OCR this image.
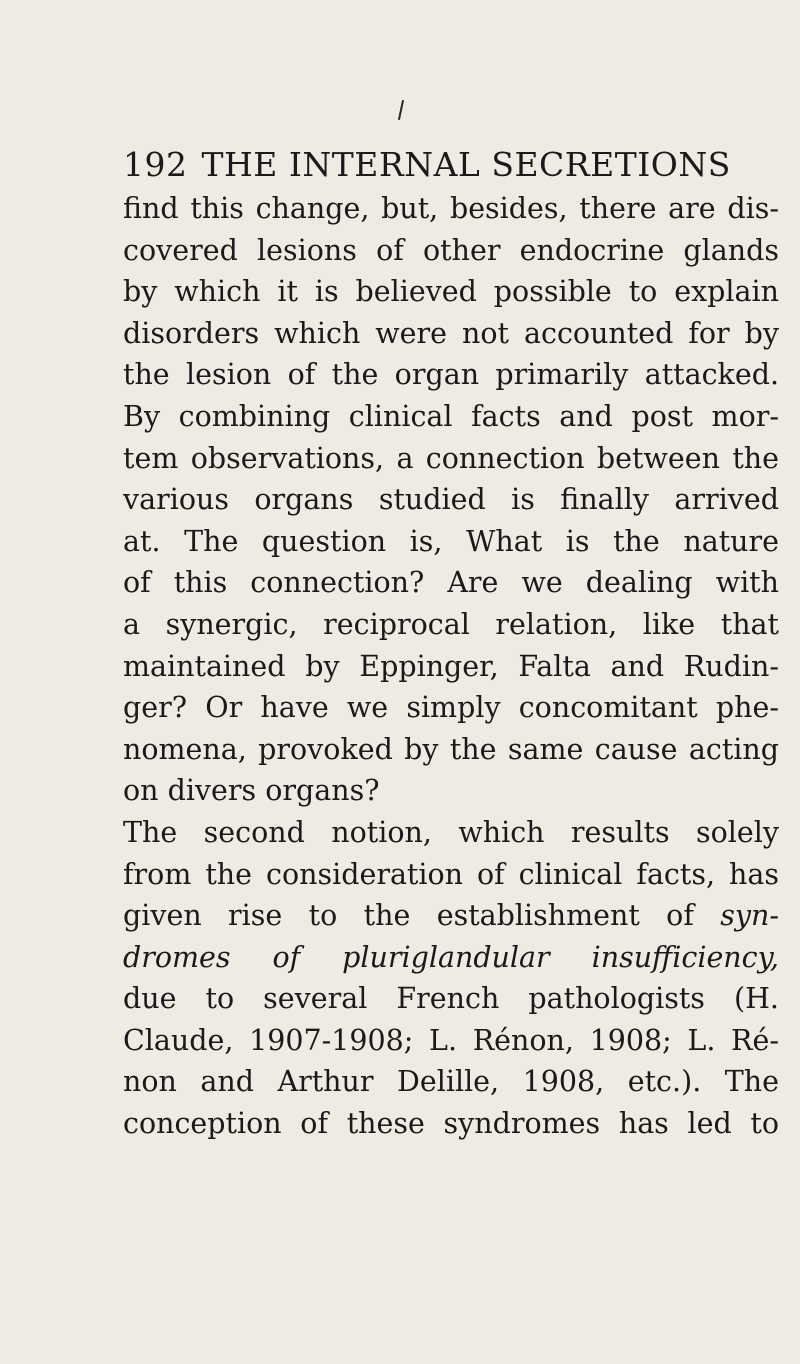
192 THE INTERNAL SECRETIONS
find this change, but, besides, there are dis-
covered lesions of other endocrine glands
by which it is believed possible to explain
disorders which were not accounted for by
the lesion of the organ primarily attacked.
By combining clinical facts and post mor-
tem observations, a connection between the
various organs studied is finally arrived
at. The question is, What is the nature
of this connection? Are we dealing with
a synergic, reciprocal relation, like that
maintained by Eppinger, Falta and Rudin-
ger? Or have we simply concomitant phe-
nomena, provoked by the same cause acting
on divers organs?
The second notion, which results solely
from the consideration of clinical facts, has
given rise to the establishment of syn-
dromes of pluriglandular insufficiency,
due to several French pathologists (H.
Claude, 1907-1908; L. Rénon, 1908; L. Ré-
non and Arthur Delille, 1908, etc.). The
conception of these syndromes has led to
